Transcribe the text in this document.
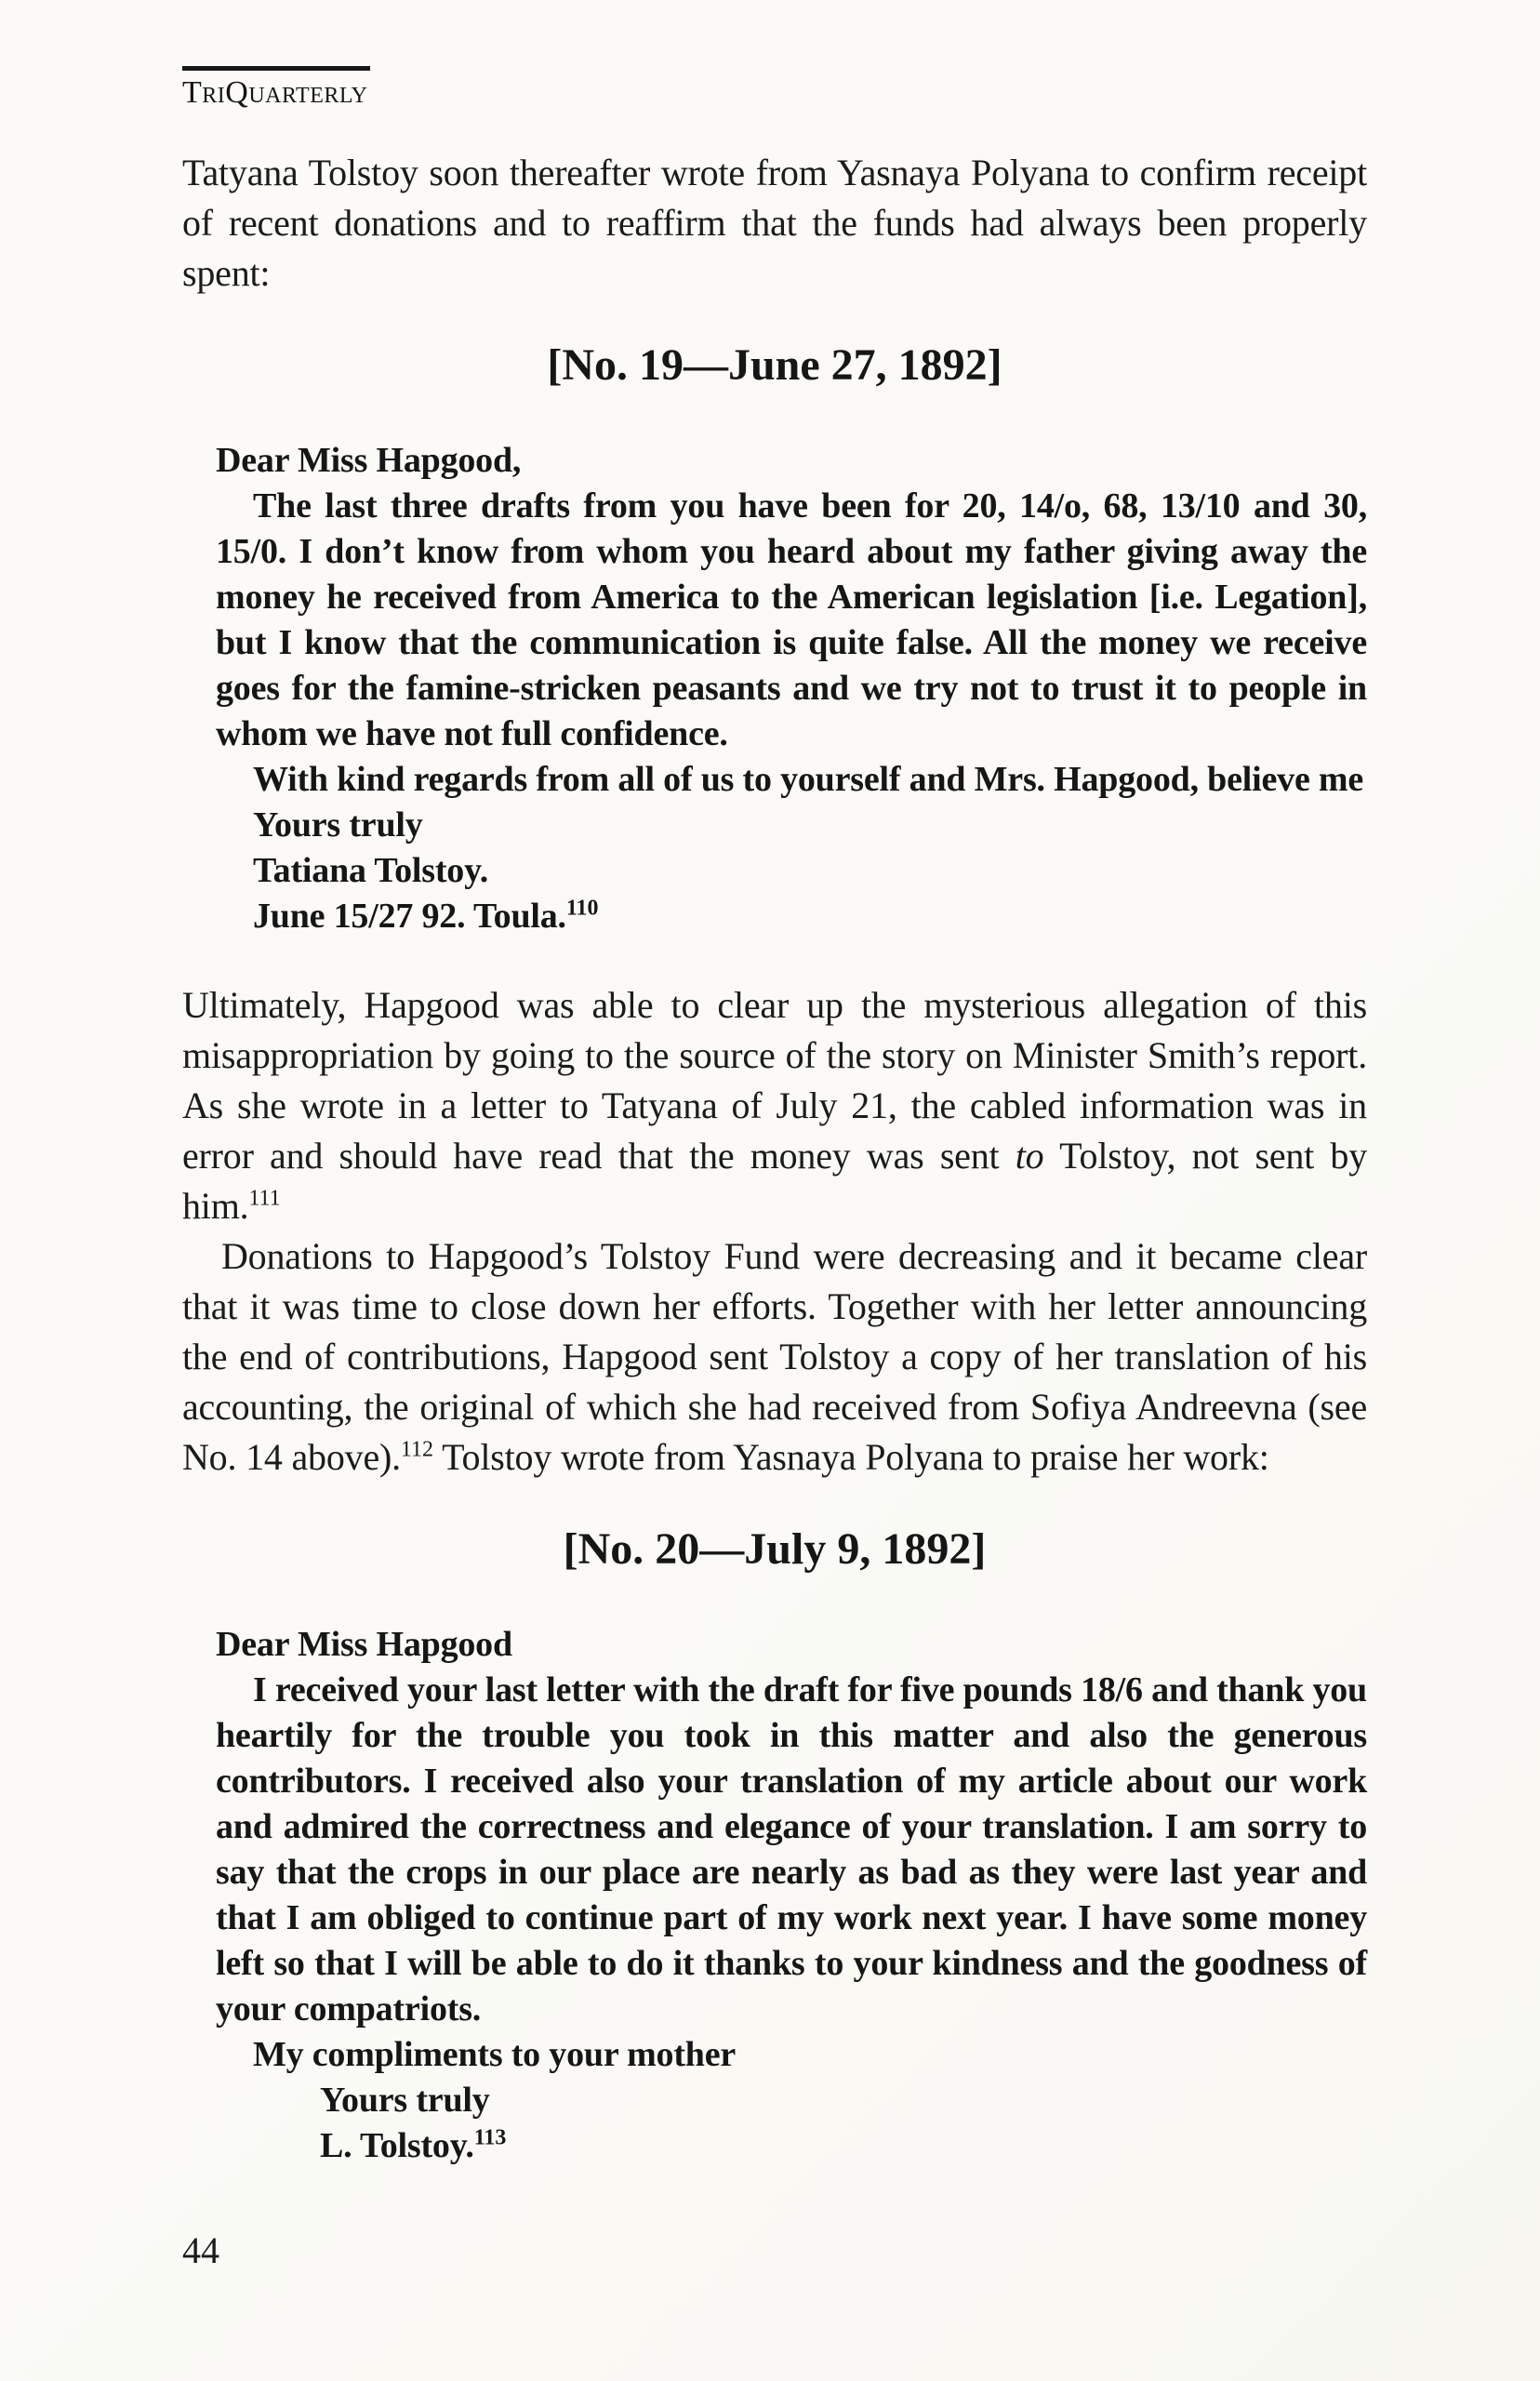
TriQuarterly

Tatyana Tolstoy soon thereafter wrote from Yasnaya Polyana to confirm receipt of recent donations and to reaffirm that the funds had always been properly spent:

[No. 19—June 27, 1892]

Dear Miss Hapgood,

The last three drafts from you have been for 20, 14/o, 68, 13/10 and 30, 15/0. I don’t know from whom you heard about my father giving away the money he received from America to the American legislation [i.e. Legation], but I know that the communication is quite false. All the money we receive goes for the famine-stricken peasants and we try not to trust it to people in whom we have not full confidence.

With kind regards from all of us to yourself and Mrs. Hapgood, believe me

Yours truly

Tatiana Tolstoy.

June 15/27 92. Toula.$^{110}$

Ultimately, Hapgood was able to clear up the mysterious allegation of this misappropriation by going to the source of the story on Minister Smith’s report. As she wrote in a letter to Tatyana of July 21, the cabled information was in error and should have read that the money was sent to Tolstoy, not sent by him.$^{111}$

Donations to Hapgood’s Tolstoy Fund were decreasing and it became clear that it was time to close down her efforts. Together with her letter announcing the end of contributions, Hapgood sent Tolstoy a copy of her translation of his accounting, the original of which she had received from Sofiya Andreevna (see No. 14 above).$^{112}$ Tolstoy wrote from Yasnaya Polyana to praise her work:

[No. 20—July 9, 1892]

Dear Miss Hapgood

I received your last letter with the draft for five pounds 18/6 and thank you heartily for the trouble you took in this matter and also the generous contributors. I received also your translation of my article about our work and admired the correctness and elegance of your translation. I am sorry to say that the crops in our place are nearly as bad as they were last year and that I am obliged to continue part of my work next year. I have some money left so that I will be able to do it thanks to your kindness and the goodness of your compatriots.

My compliments to your mother

Yours truly

L. Tolstoy.$^{113}$

44
